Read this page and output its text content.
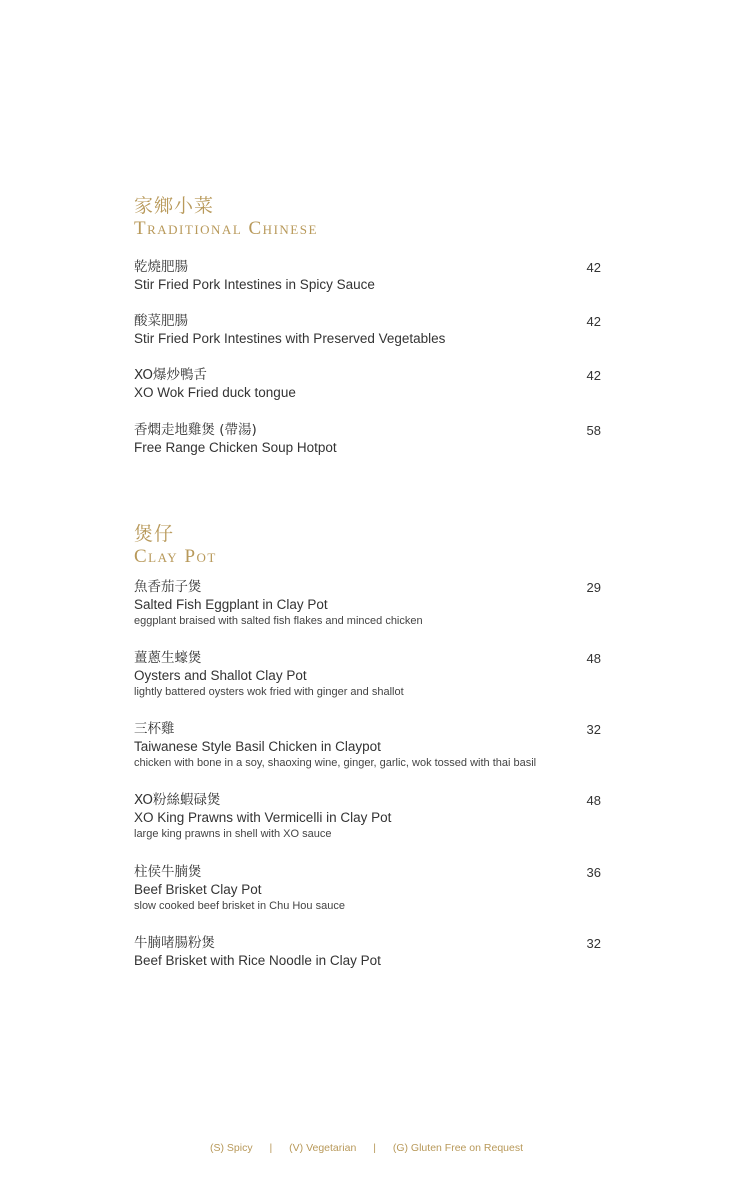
家鄉小菜
Traditional Chinese
乾燒肥腸
Stir Fried Pork Intestines in Spicy Sauce
42
酸菜肥腸
Stir Fried Pork Intestines with Preserved Vegetables
42
XO爆炒鴨舌
XO Wok Fried duck tongue
42
香燜走地雞煲 (帶湯)
Free Range Chicken Soup Hotpot
58
煲仔
Clay Pot
魚香茄子煲
Salted Fish Eggplant in Clay Pot
eggplant braised with salted fish flakes and minced chicken
29
薑蔥生蠔煲
Oysters and Shallot Clay Pot
lightly battered oysters wok fried with ginger and shallot
48
三杯雞
Taiwanese Style Basil Chicken in Claypot
chicken with bone in a soy, shaoxing wine, ginger, garlic, wok tossed with thai basil
32
XO粉絲蝦碌煲
XO King Prawns with Vermicelli in Clay Pot
large king prawns in shell with XO sauce
48
柱侯牛腩煲
Beef Brisket Clay Pot
slow cooked beef brisket in Chu Hou sauce
36
牛腩啫腸粉煲
Beef Brisket with Rice Noodle in Clay Pot
32
(S) Spicy | (V) Vegetarian | (G) Gluten Free on Request
